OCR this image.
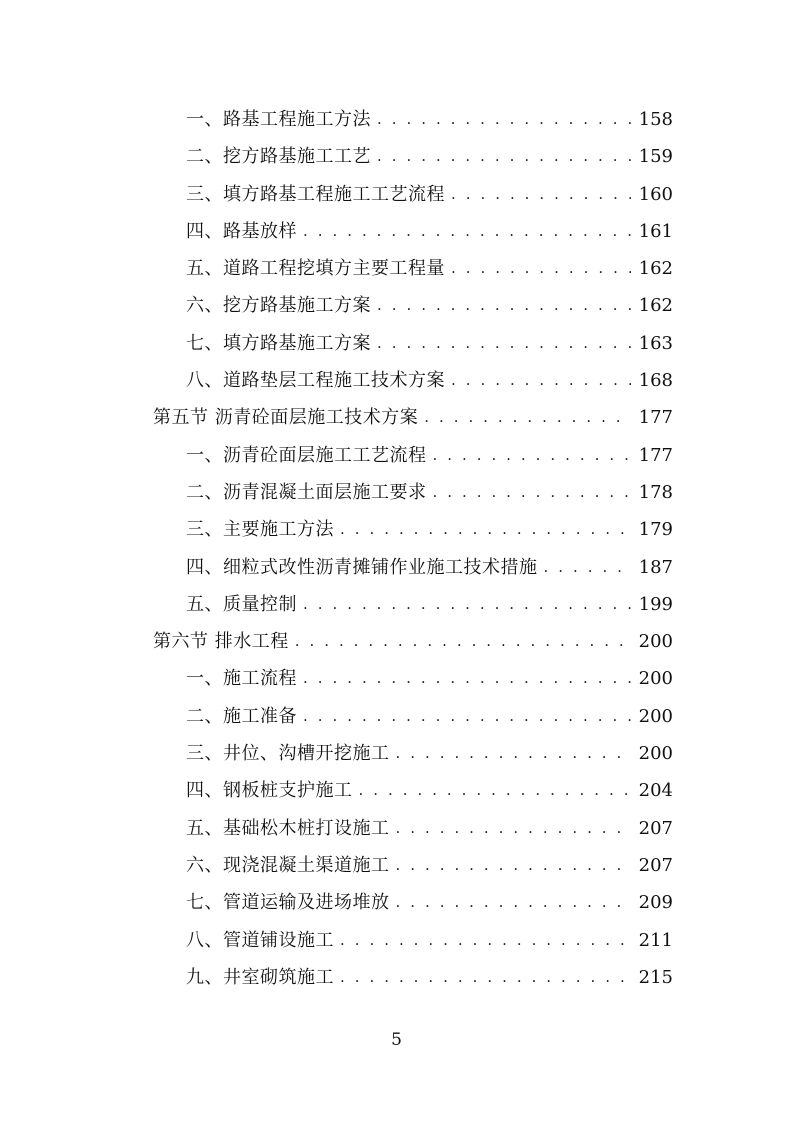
一、路基工程施工方法 . . .	158
二、挖方路基施工工艺 . . .	159
三、填方路基工程施工工艺流程 . . .	160
四、路基放样 . . .	161
五、道路工程挖填方主要工程量 . . .	162
六、挖方路基施工方案 . . .	162
七、填方路基施工方案 . . .	163
八、道路垫层工程施工技术方案 . . .	168
第五节 沥青砼面层施工技术方案 . . .	177
一、沥青砼面层施工工艺流程 . . .	177
二、沥青混凝土面层施工要求 . . .	178
三、主要施工方法 . . .	179
四、细粒式改性沥青摊铺作业施工技术措施 . . .	187
五、质量控制 . . .	199
第六节 排水工程 . . .	200
一、施工流程 . . .	200
二、施工准备 . . .	200
三、井位、沟槽开挖施工 . . .	200
四、钢板桩支护施工 . . .	204
五、基础松木桩打设施工 . . .	207
六、现浇混凝土渠道施工 . . .	207
七、管道运输及进场堆放 . . .	209
八、管道铺设施工 . . .	211
九、井室砌筑施工 . . .	215
5
